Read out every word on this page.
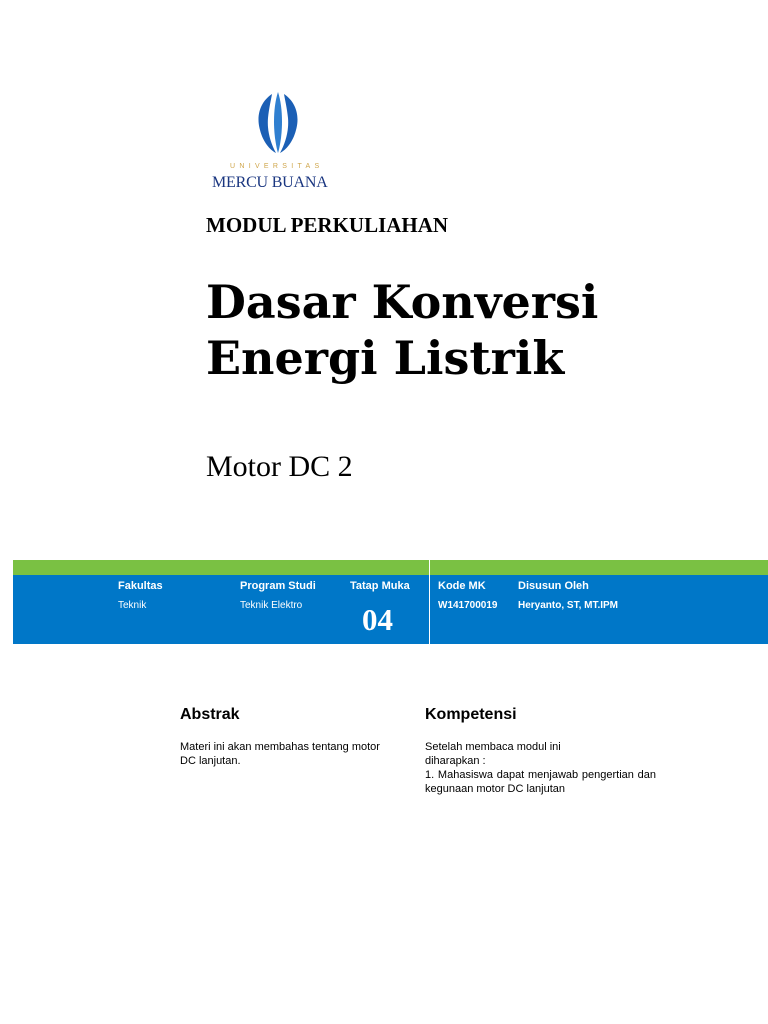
UNIVERSITAS
MERCU BUANA
MODUL PERKULIAHAN
Dasar Konversi
Energi Listrik
Motor DC 2
Fakultas
Teknik
Program Studi
Teknik Elektro
Tatap Muka
04
Kode MK
W141700019
Disusun Oleh
Heryanto, ST, MT.IPM
Abstrak

Materi ini akan membahas tentang motor DC lanjutan.

Kompetensi
Setelah membaca modul ini diharapkan :
1. Mahasiswa dapat menjawab pengertian dan kegunaan motor DC lanjutan
